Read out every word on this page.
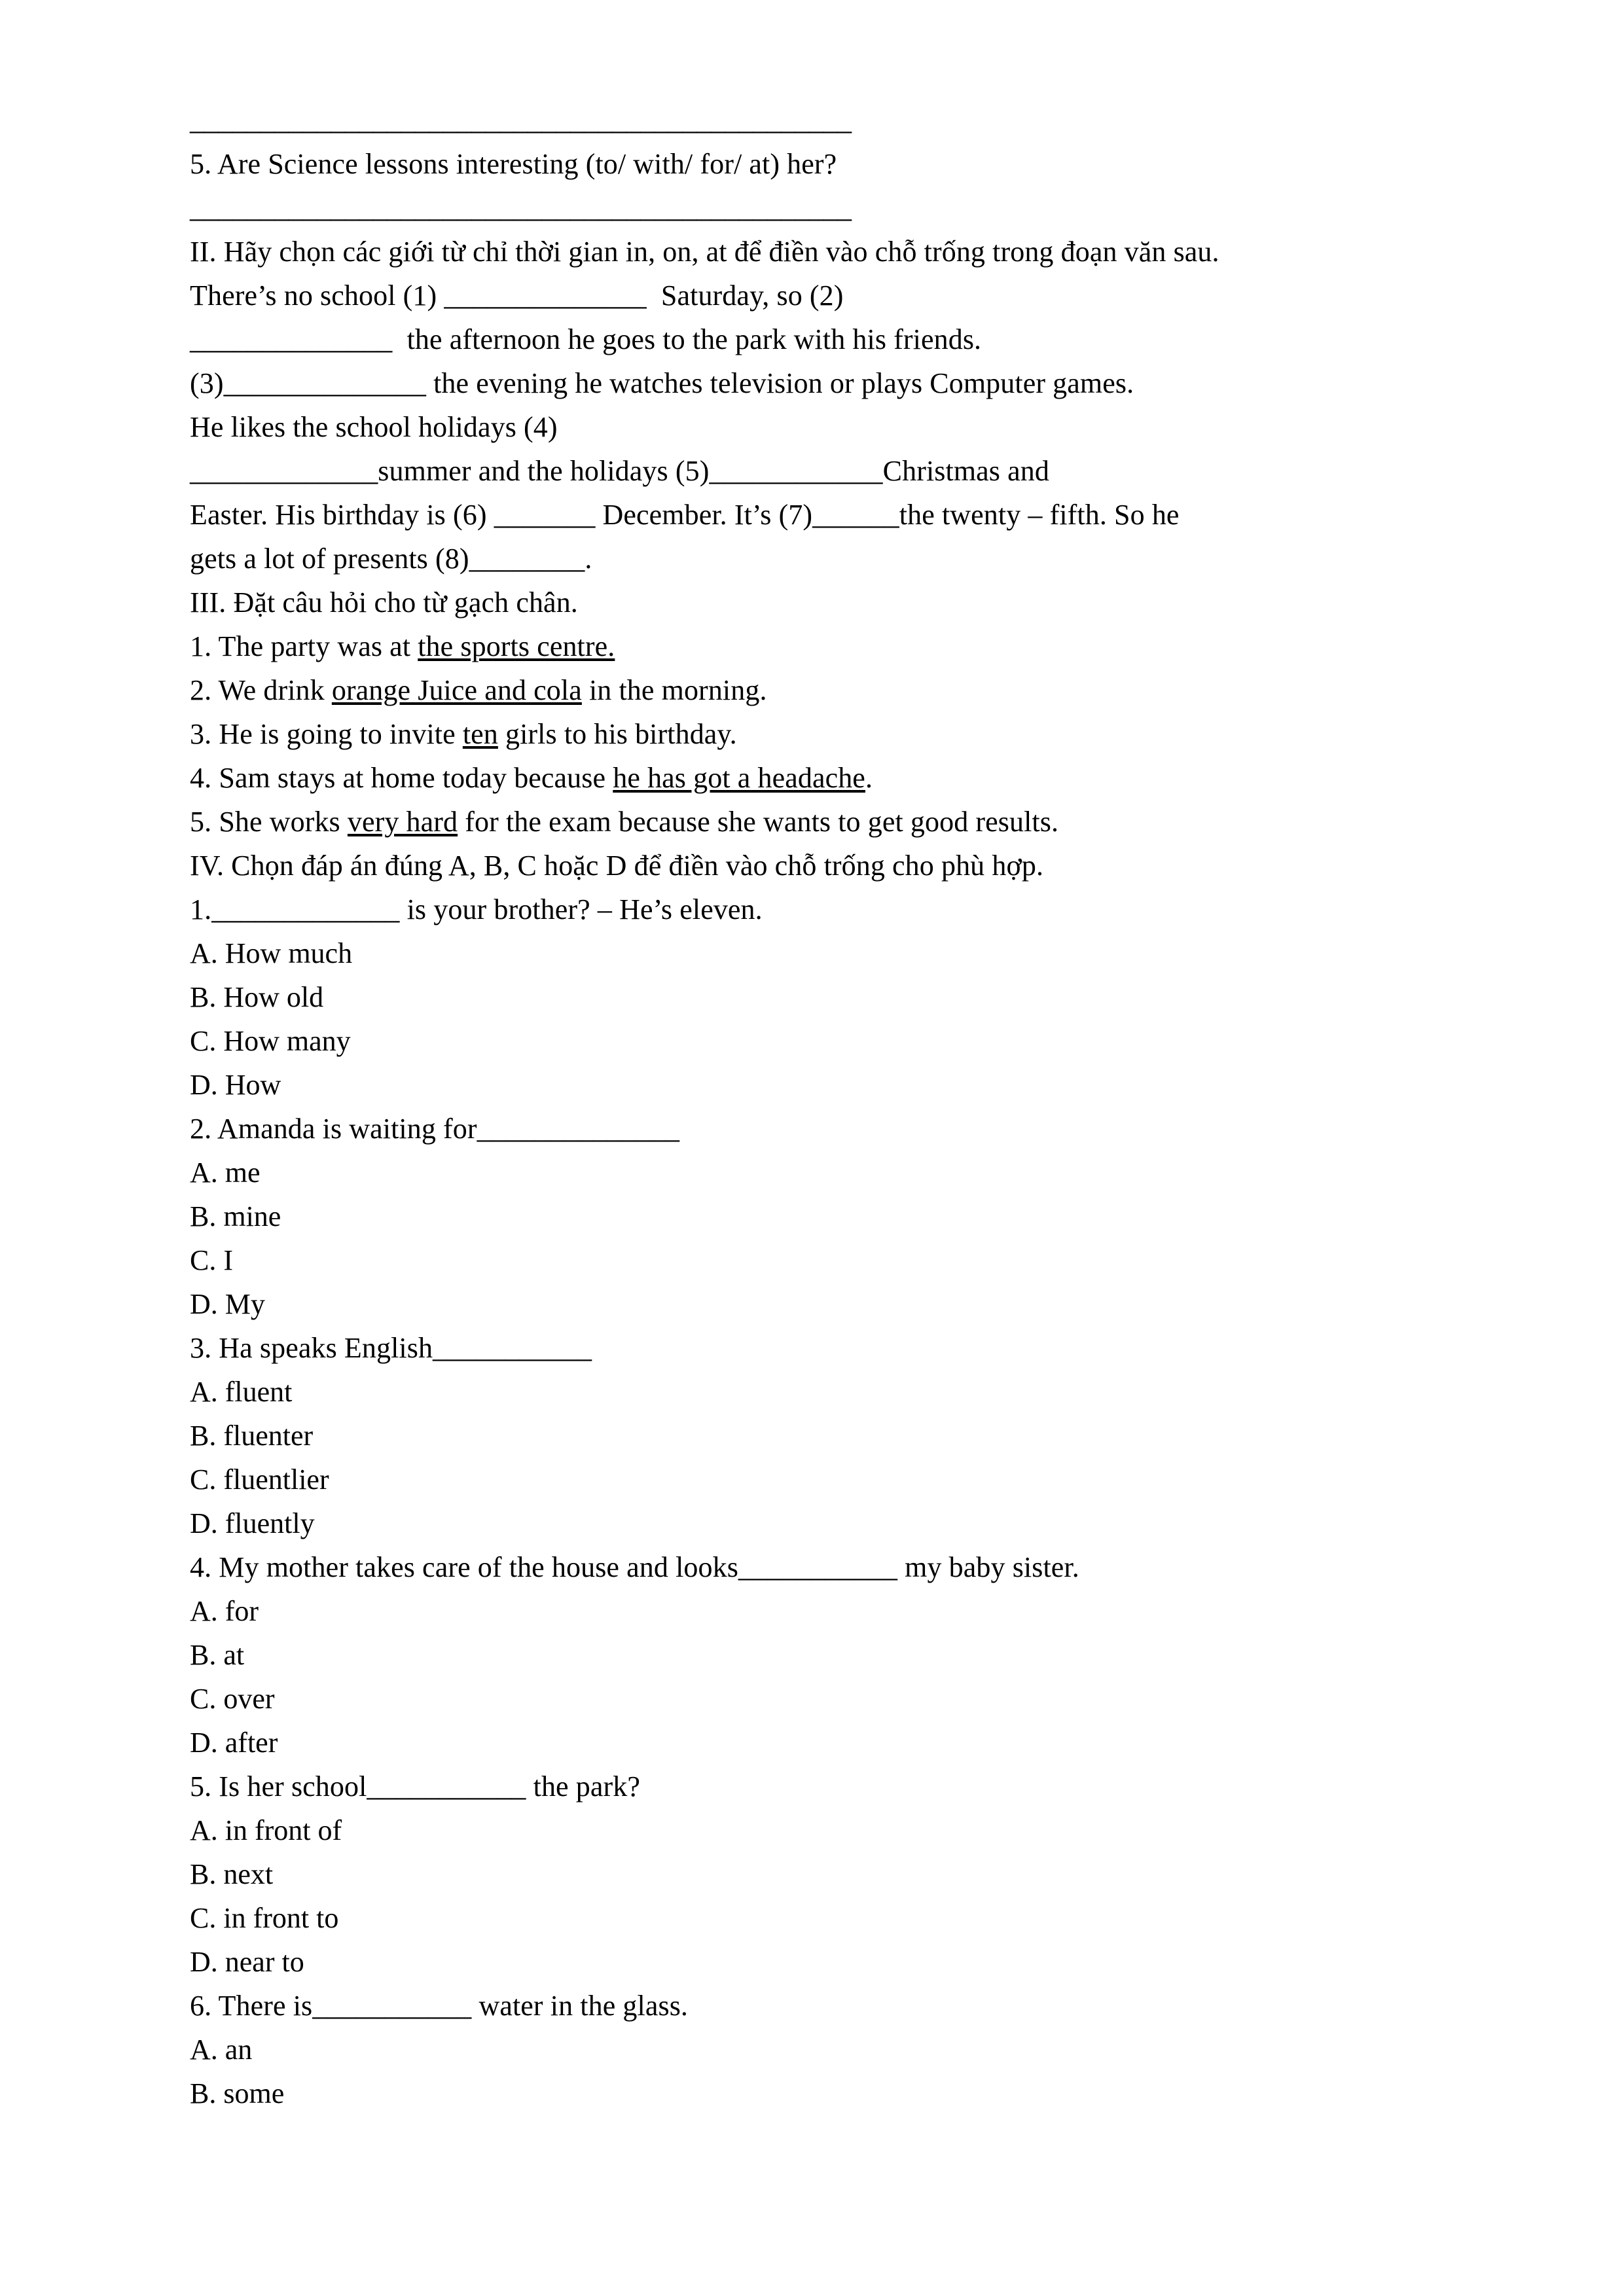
_______________________________________________
5. Are Science lessons interesting (to/ with/ for/ at) her?
_______________________________________________
II. Hãy chọn các giới từ chỉ thời gian in, on, at để điền vào chỗ trống trong đoạn văn sau.
There’s no school (1) ______________  Saturday, so (2)
______________  the afternoon he goes to the park with his friends.
(3)______________ the evening he watches television or plays Computer games.
He likes the school holidays (4)
_____________summer and the holidays (5)____________Christmas and
Easter. His birthday is (6) _______ December. It’s (7)______the twenty – fifth. So he
gets a lot of presents (8)________.
III. Đặt câu hỏi cho từ gạch chân.
1. The party was at the sports centre.
2. We drink orange Juice and cola in the morning.
3. He is going to invite ten girls to his birthday.
4. Sam stays at home today because he has got a headache.
5. She works very hard for the exam because she wants to get good results.
IV. Chọn đáp án đúng A, B, C hoặc D để điền vào chỗ trống cho phù hợp.
1._____________ is your brother? – He’s eleven.
A. How much
B. How old
C. How many
D. How
2. Amanda is waiting for______________
A. me
B. mine
C. I
D. My
3. Ha speaks English___________
A. fluent
B. fluenter
C. fluentlier
D. fluently
4. My mother takes care of the house and looks___________ my baby sister.
A. for
B. at
C. over
D. after
5. Is her school___________ the park?
A. in front of
B. next
C. in front to
D. near to
6. There is___________ water in the glass.
A. an
B. some
